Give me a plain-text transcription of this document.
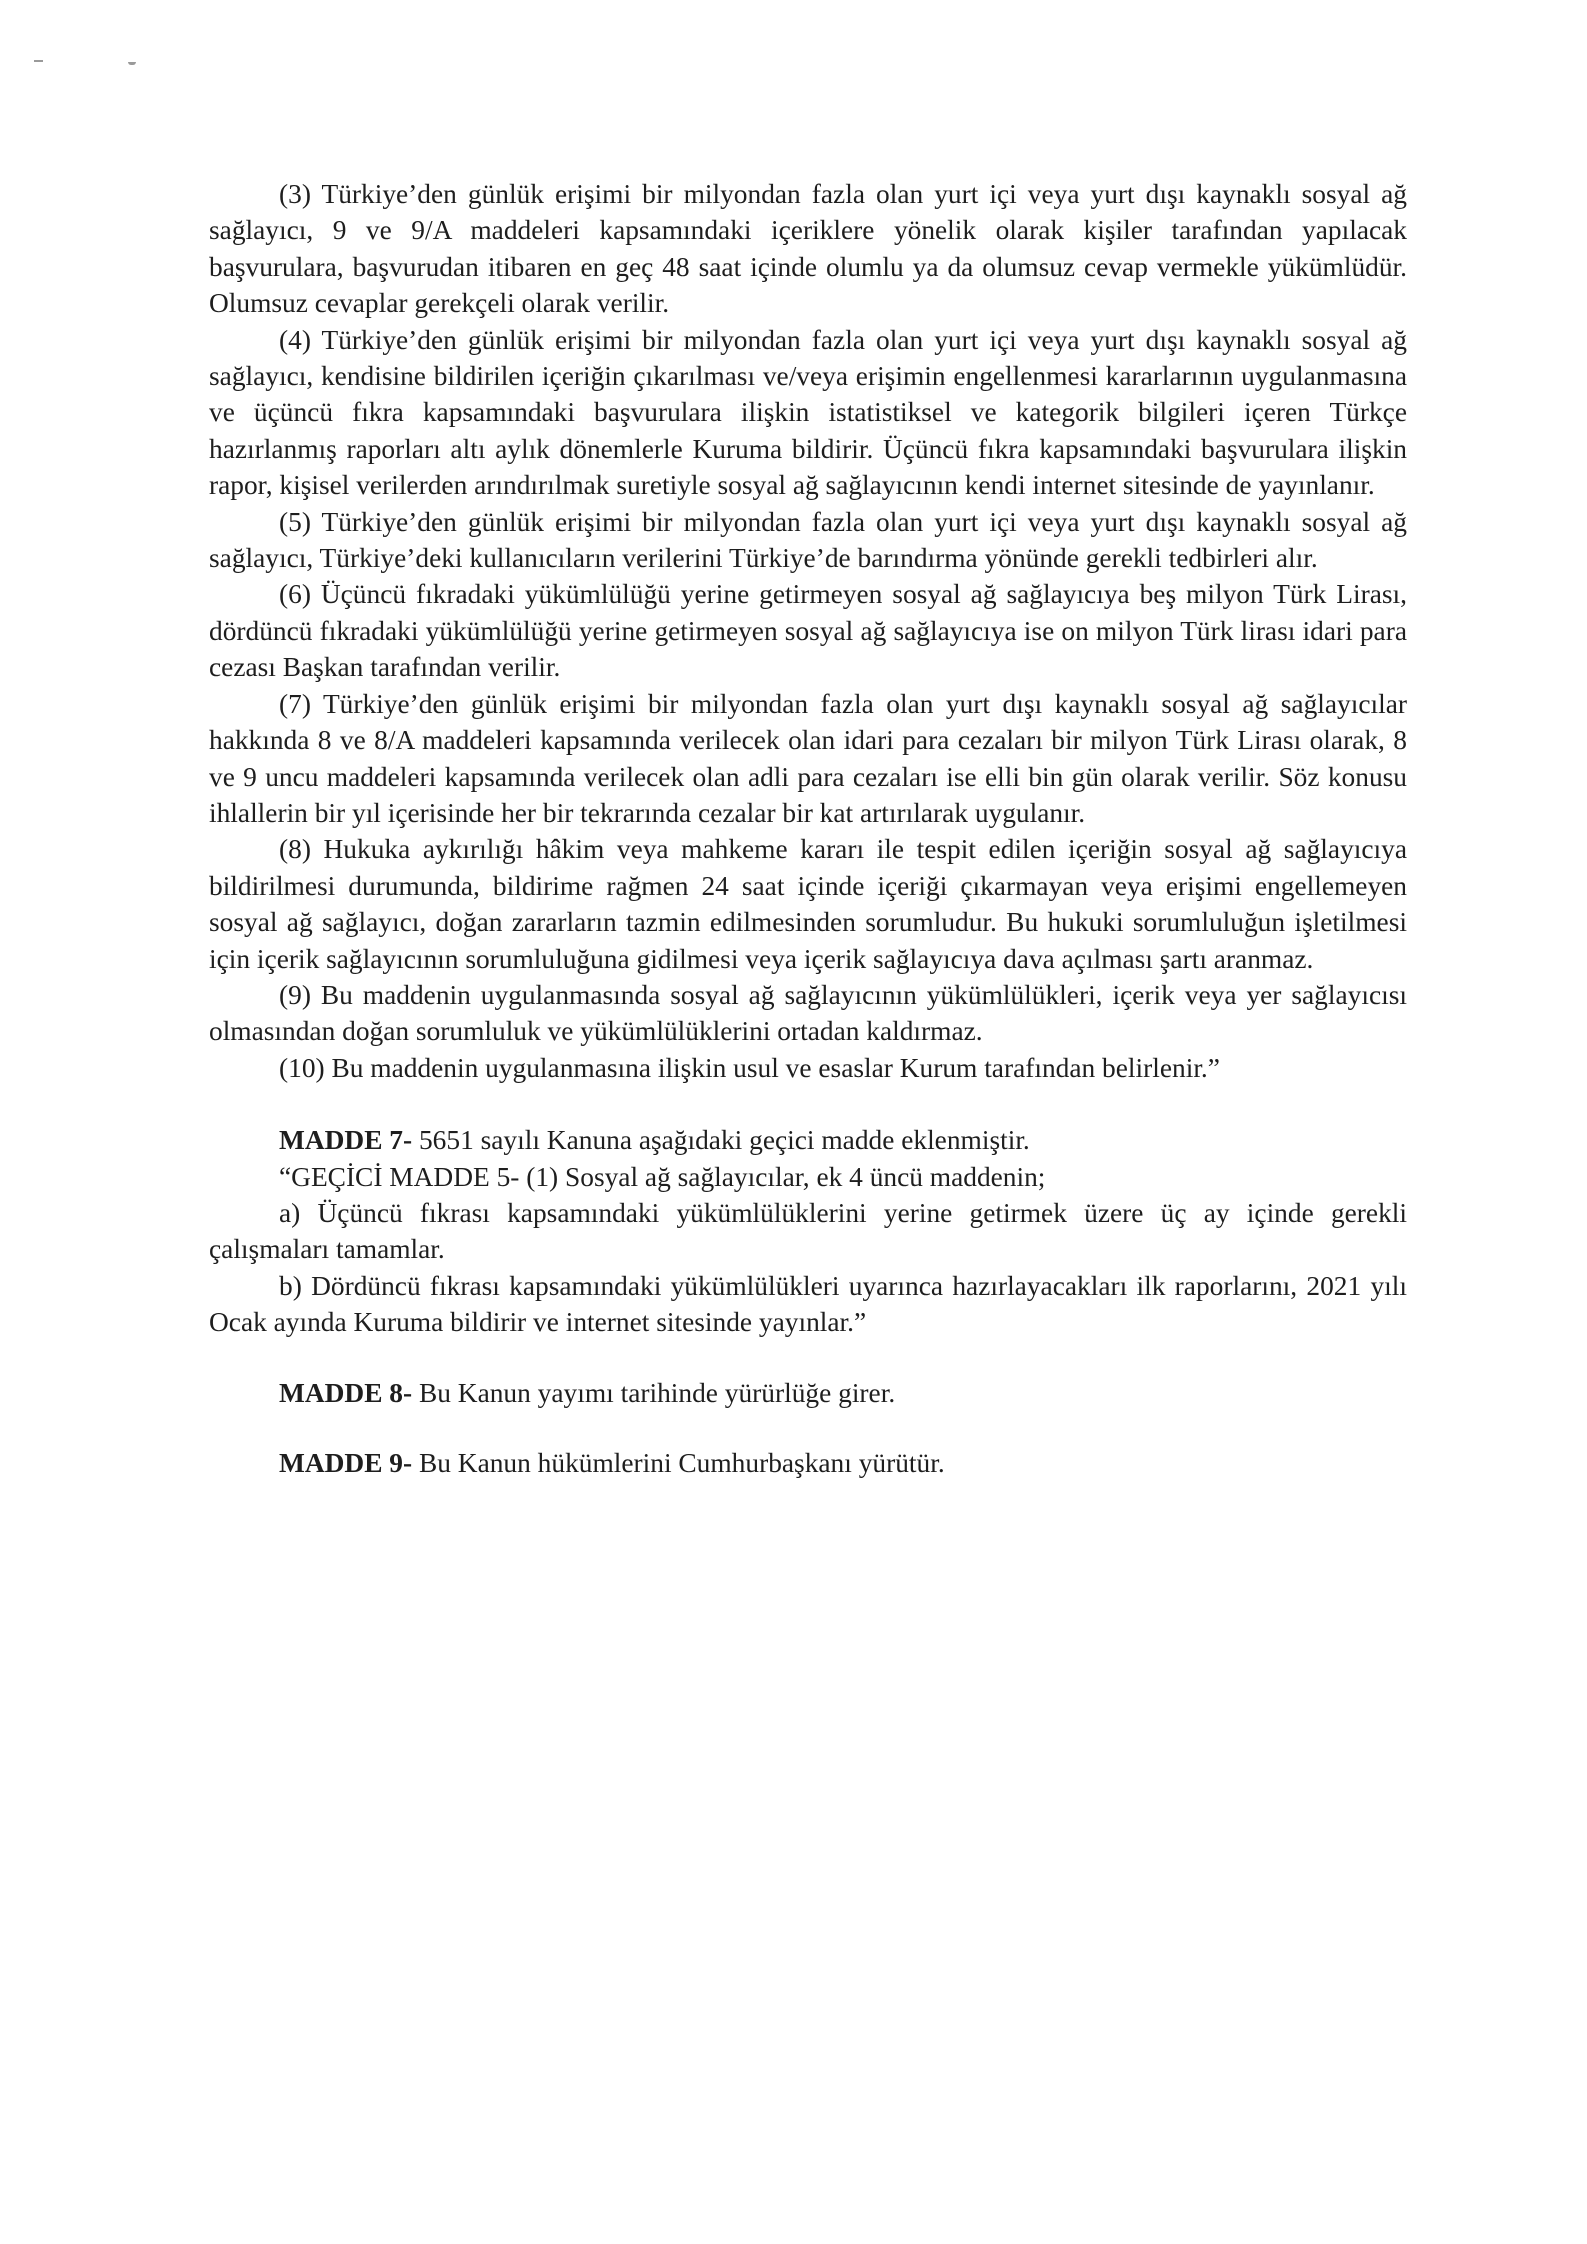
(3) Türkiye’den günlük erişimi bir milyondan fazla olan yurt içi veya yurt dışı kaynaklı sosyal ağ sağlayıcı, 9 ve 9/A maddeleri kapsamındaki içeriklere yönelik olarak kişiler tarafından yapılacak başvurulara, başvurudan itibaren en geç 48 saat içinde olumlu ya da olumsuz cevap vermekle yükümlüdür. Olumsuz cevaplar gerekçeli olarak verilir.

(4) Türkiye’den günlük erişimi bir milyondan fazla olan yurt içi veya yurt dışı kaynaklı sosyal ağ sağlayıcı, kendisine bildirilen içeriğin çıkarılması ve/veya erişimin engellenmesi kararlarının uygulanmasına ve üçüncü fıkra kapsamındaki başvurulara ilişkin istatistiksel ve kategorik bilgileri içeren Türkçe hazırlanmış raporları altı aylık dönemlerle Kuruma bildirir. Üçüncü fıkra kapsamındaki başvurulara ilişkin rapor, kişisel verilerden arındırılmak suretiyle sosyal ağ sağlayıcının kendi internet sitesinde de yayınlanır.

(5) Türkiye’den günlük erişimi bir milyondan fazla olan yurt içi veya yurt dışı kaynaklı sosyal ağ sağlayıcı, Türkiye’deki kullanıcıların verilerini Türkiye’de barındırma yönünde gerekli tedbirleri alır.

(6) Üçüncü fıkradaki yükümlülüğü yerine getirmeyen sosyal ağ sağlayıcıya beş milyon Türk Lirası, dördüncü fıkradaki yükümlülüğü yerine getirmeyen sosyal ağ sağlayıcıya ise on milyon Türk lirası idari para cezası Başkan tarafından verilir.

(7) Türkiye’den günlük erişimi bir milyondan fazla olan yurt dışı kaynaklı sosyal ağ sağlayıcılar hakkında 8 ve 8/A maddeleri kapsamında verilecek olan idari para cezaları bir milyon Türk Lirası olarak, 8 ve 9 uncu maddeleri kapsamında verilecek olan adli para cezaları ise elli bin gün olarak verilir. Söz konusu ihlallerin bir yıl içerisinde her bir tekrarında cezalar bir kat artırılarak uygulanır.

(8) Hukuka aykırılığı hâkim veya mahkeme kararı ile tespit edilen içeriğin sosyal ağ sağlayıcıya bildirilmesi durumunda, bildirime rağmen 24 saat içinde içeriği çıkarmayan veya erişimi engellemeyen sosyal ağ sağlayıcı, doğan zararların tazmin edilmesinden sorumludur. Bu hukuki sorumluluğun işletilmesi için içerik sağlayıcının sorumluluğuna gidilmesi veya içerik sağlayıcıya dava açılması şartı aranmaz.

(9) Bu maddenin uygulanmasında sosyal ağ sağlayıcının yükümlülükleri, içerik veya yer sağlayıcısı olmasından doğan sorumluluk ve yükümlülüklerini ortadan kaldırmaz.

(10) Bu maddenin uygulanmasına ilişkin usul ve esaslar Kurum tarafından belirlenir.”

MADDE 7- 5651 sayılı Kanuna aşağıdaki geçici madde eklenmiştir.

“GEÇİCİ MADDE 5- (1) Sosyal ağ sağlayıcılar, ek 4 üncü maddenin;

a) Üçüncü fıkrası kapsamındaki yükümlülüklerini yerine getirmek üzere üç ay içinde gerekli çalışmaları tamamlar.

b) Dördüncü fıkrası kapsamındaki yükümlülükleri uyarınca hazırlayacakları ilk raporlarını, 2021 yılı Ocak ayında Kuruma bildirir ve internet sitesinde yayınlar.”

MADDE 8- Bu Kanun yayımı tarihinde yürürlüğe girer.

MADDE 9- Bu Kanun hükümlerini Cumhurbaşkanı yürütür.
